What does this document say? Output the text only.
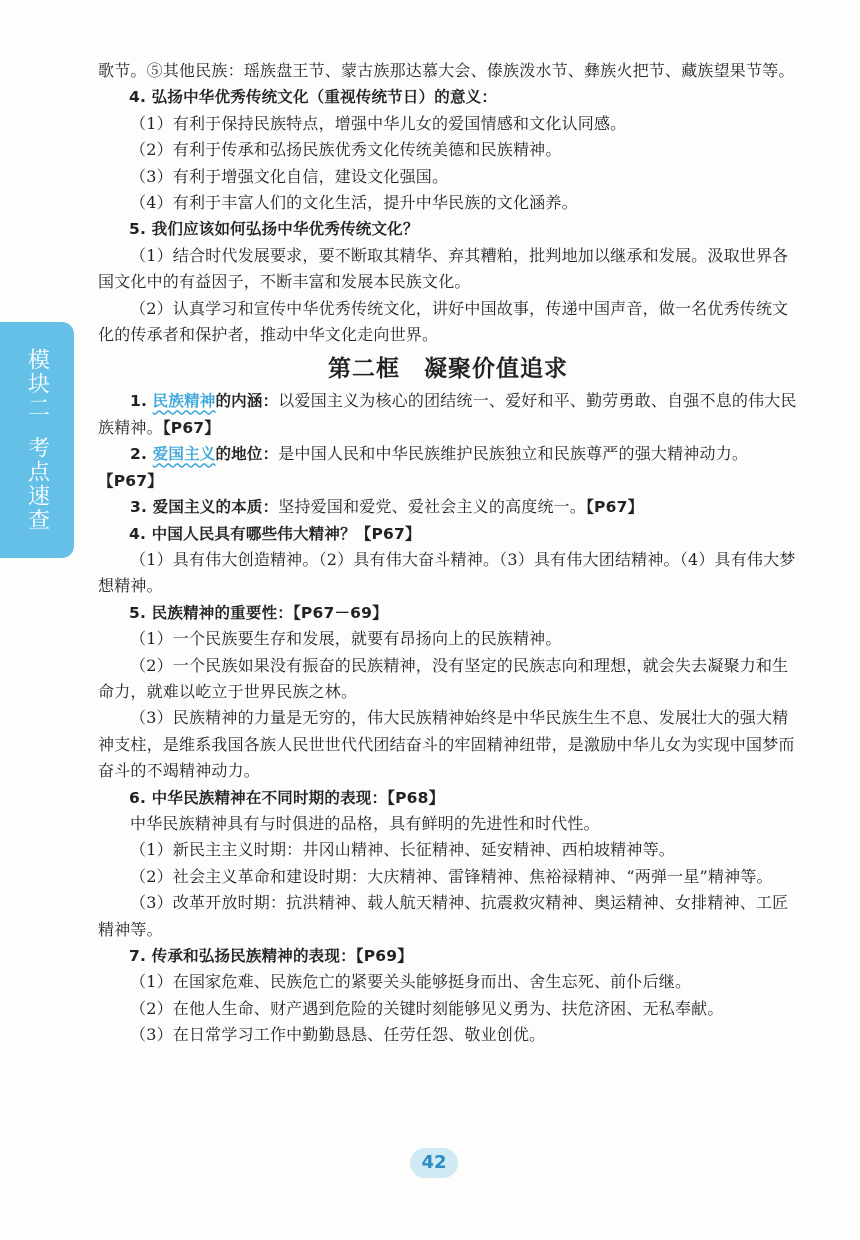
模块二
考点速查

歌节。⑤其他民族：瑶族盘王节、蒙古族那达慕大会、傣族泼水节、彝族火把节、藏族望果节等。

4. 弘扬中华优秀传统文化（重视传统节日）的意义：

（1）有利于保持民族特点，增强中华儿女的爱国情感和文化认同感。

（2）有利于传承和弘扬民族优秀文化传统美德和民族精神。

（3）有利于增强文化自信，建设文化强国。

（4）有利于丰富人们的文化生活，提升中华民族的文化涵养。

5. 我们应该如何弘扬中华优秀传统文化？

（1）结合时代发展要求，要不断取其精华、弃其糟粕，批判地加以继承和发展。汲取世界各国文化中的有益因子，不断丰富和发展本民族文化。

（2）认真学习和宣传中华优秀传统文化，讲好中国故事，传递中国声音，做一名优秀传统文化的传承者和保护者，推动中华文化走向世界。

第二框　凝聚价值追求

1. 民族精神的内涵：以爱国主义为核心的团结统一、爱好和平、勤劳勇敢、自强不息的伟大民族精神。【P67】

2. 爱国主义的地位：是中国人民和中华民族维护民族独立和民族尊严的强大精神动力。【P67】

3. 爱国主义的本质：坚持爱国和爱党、爱社会主义的高度统一。【P67】

4. 中国人民具有哪些伟大精神？【P67】

（1）具有伟大创造精神。（2）具有伟大奋斗精神。（3）具有伟大团结精神。（4）具有伟大梦想精神。

5. 民族精神的重要性：【P67－69】

（1）一个民族要生存和发展，就要有昂扬向上的民族精神。

（2）一个民族如果没有振奋的民族精神，没有坚定的民族志向和理想，就会失去凝聚力和生命力，就难以屹立于世界民族之林。

（3）民族精神的力量是无穷的，伟大民族精神始终是中华民族生生不息、发展壮大的强大精神支柱，是维系我国各族人民世世代代团结奋斗的牢固精神纽带，是激励中华儿女为实现中国梦而奋斗的不竭精神动力。

6. 中华民族精神在不同时期的表现：【P68】

中华民族精神具有与时俱进的品格，具有鲜明的先进性和时代性。

（1）新民主主义时期：井冈山精神、长征精神、延安精神、西柏坡精神等。

（2）社会主义革命和建设时期：大庆精神、雷锋精神、焦裕禄精神、“两弹一星”精神等。

（3）改革开放时期：抗洪精神、载人航天精神、抗震救灾精神、奥运精神、女排精神、工匠精神等。

7. 传承和弘扬民族精神的表现：【P69】

（1）在国家危难、民族危亡的紧要关头能够挺身而出、舍生忘死、前仆后继。

（2）在他人生命、财产遇到危险的关键时刻能够见义勇为、扶危济困、无私奉献。

（3）在日常学习工作中勤勤恳恳、任劳任怨、敬业创优。

42
